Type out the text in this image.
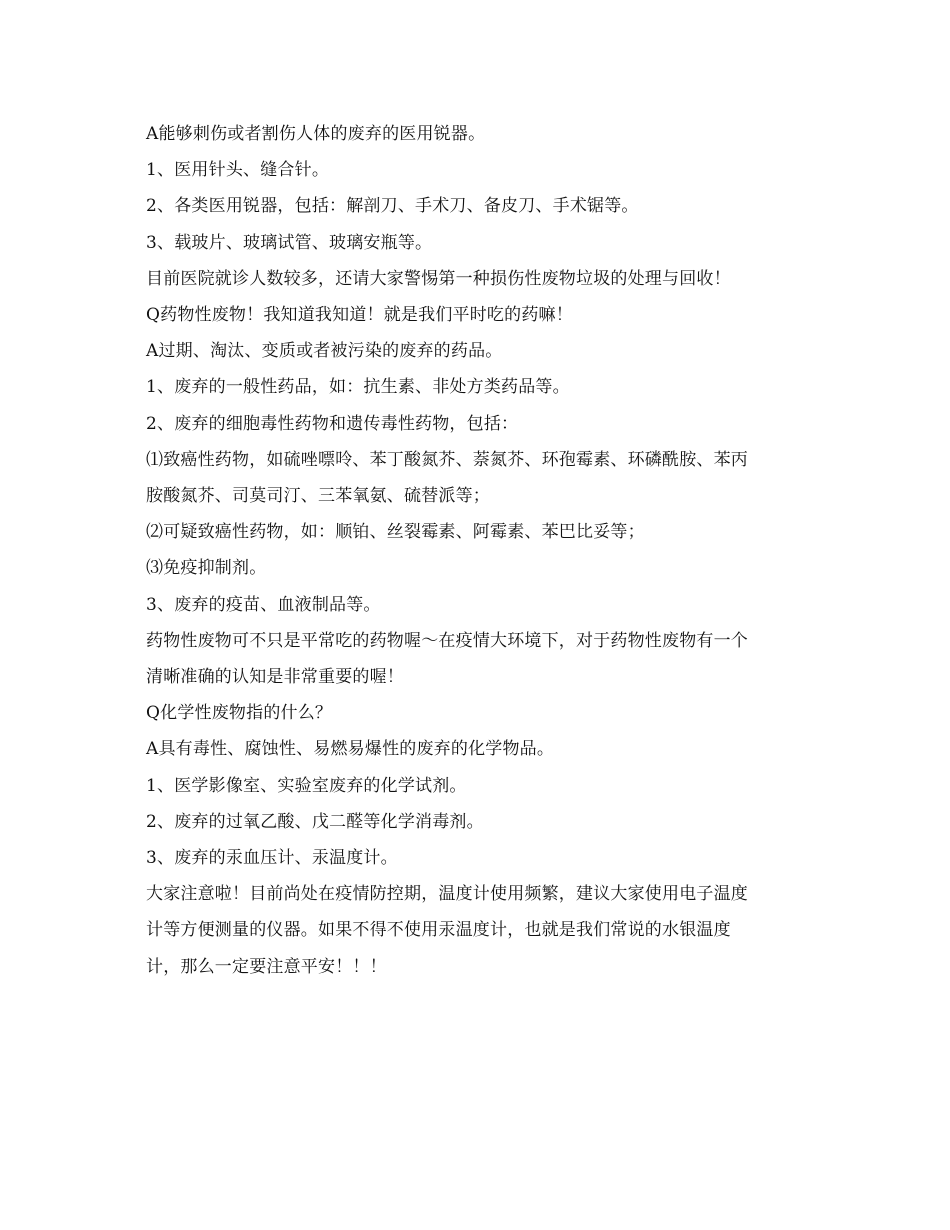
A能够刺伤或者割伤人体的废弃的医用锐器。

1、医用针头、缝合针。

2、各类医用锐器，包括：解剖刀、手术刀、备皮刀、手术锯等。

3、载玻片、玻璃试管、玻璃安瓶等。

目前医院就诊人数较多，还请大家警惕第一种损伤性废物垃圾的处理与回收！

Q药物性废物！我知道我知道！就是我们平时吃的药嘛！

A过期、淘汰、变质或者被污染的废弃的药品。

1、废弃的一般性药品，如：抗生素、非处方类药品等。

2、废弃的细胞毒性药物和遗传毒性药物，包括：

⑴致癌性药物，如硫唑嘌呤、苯丁酸氮芥、萘氮芥、环孢霉素、环磷酰胺、苯丙

胺酸氮芥、司莫司汀、三苯氧氨、硫替派等；

⑵可疑致癌性药物，如：顺铂、丝裂霉素、阿霉素、苯巴比妥等；

⑶免疫抑制剂。

3、废弃的疫苗、血液制品等。

药物性废物可不只是平常吃的药物喔～在疫情大环境下，对于药物性废物有一个

清晰准确的认知是非常重要的喔！

Q化学性废物指的什么？

A具有毒性、腐蚀性、易燃易爆性的废弃的化学物品。

1、医学影像室、实验室废弃的化学试剂。

2、废弃的过氧乙酸、戊二醛等化学消毒剂。

3、废弃的汞血压计、汞温度计。

大家注意啦！目前尚处在疫情防控期，温度计使用频繁，建议大家使用电子温度

计等方便测量的仪器。如果不得不使用汞温度计，也就是我们常说的水银温度

计，那么一定要注意平安！！！
